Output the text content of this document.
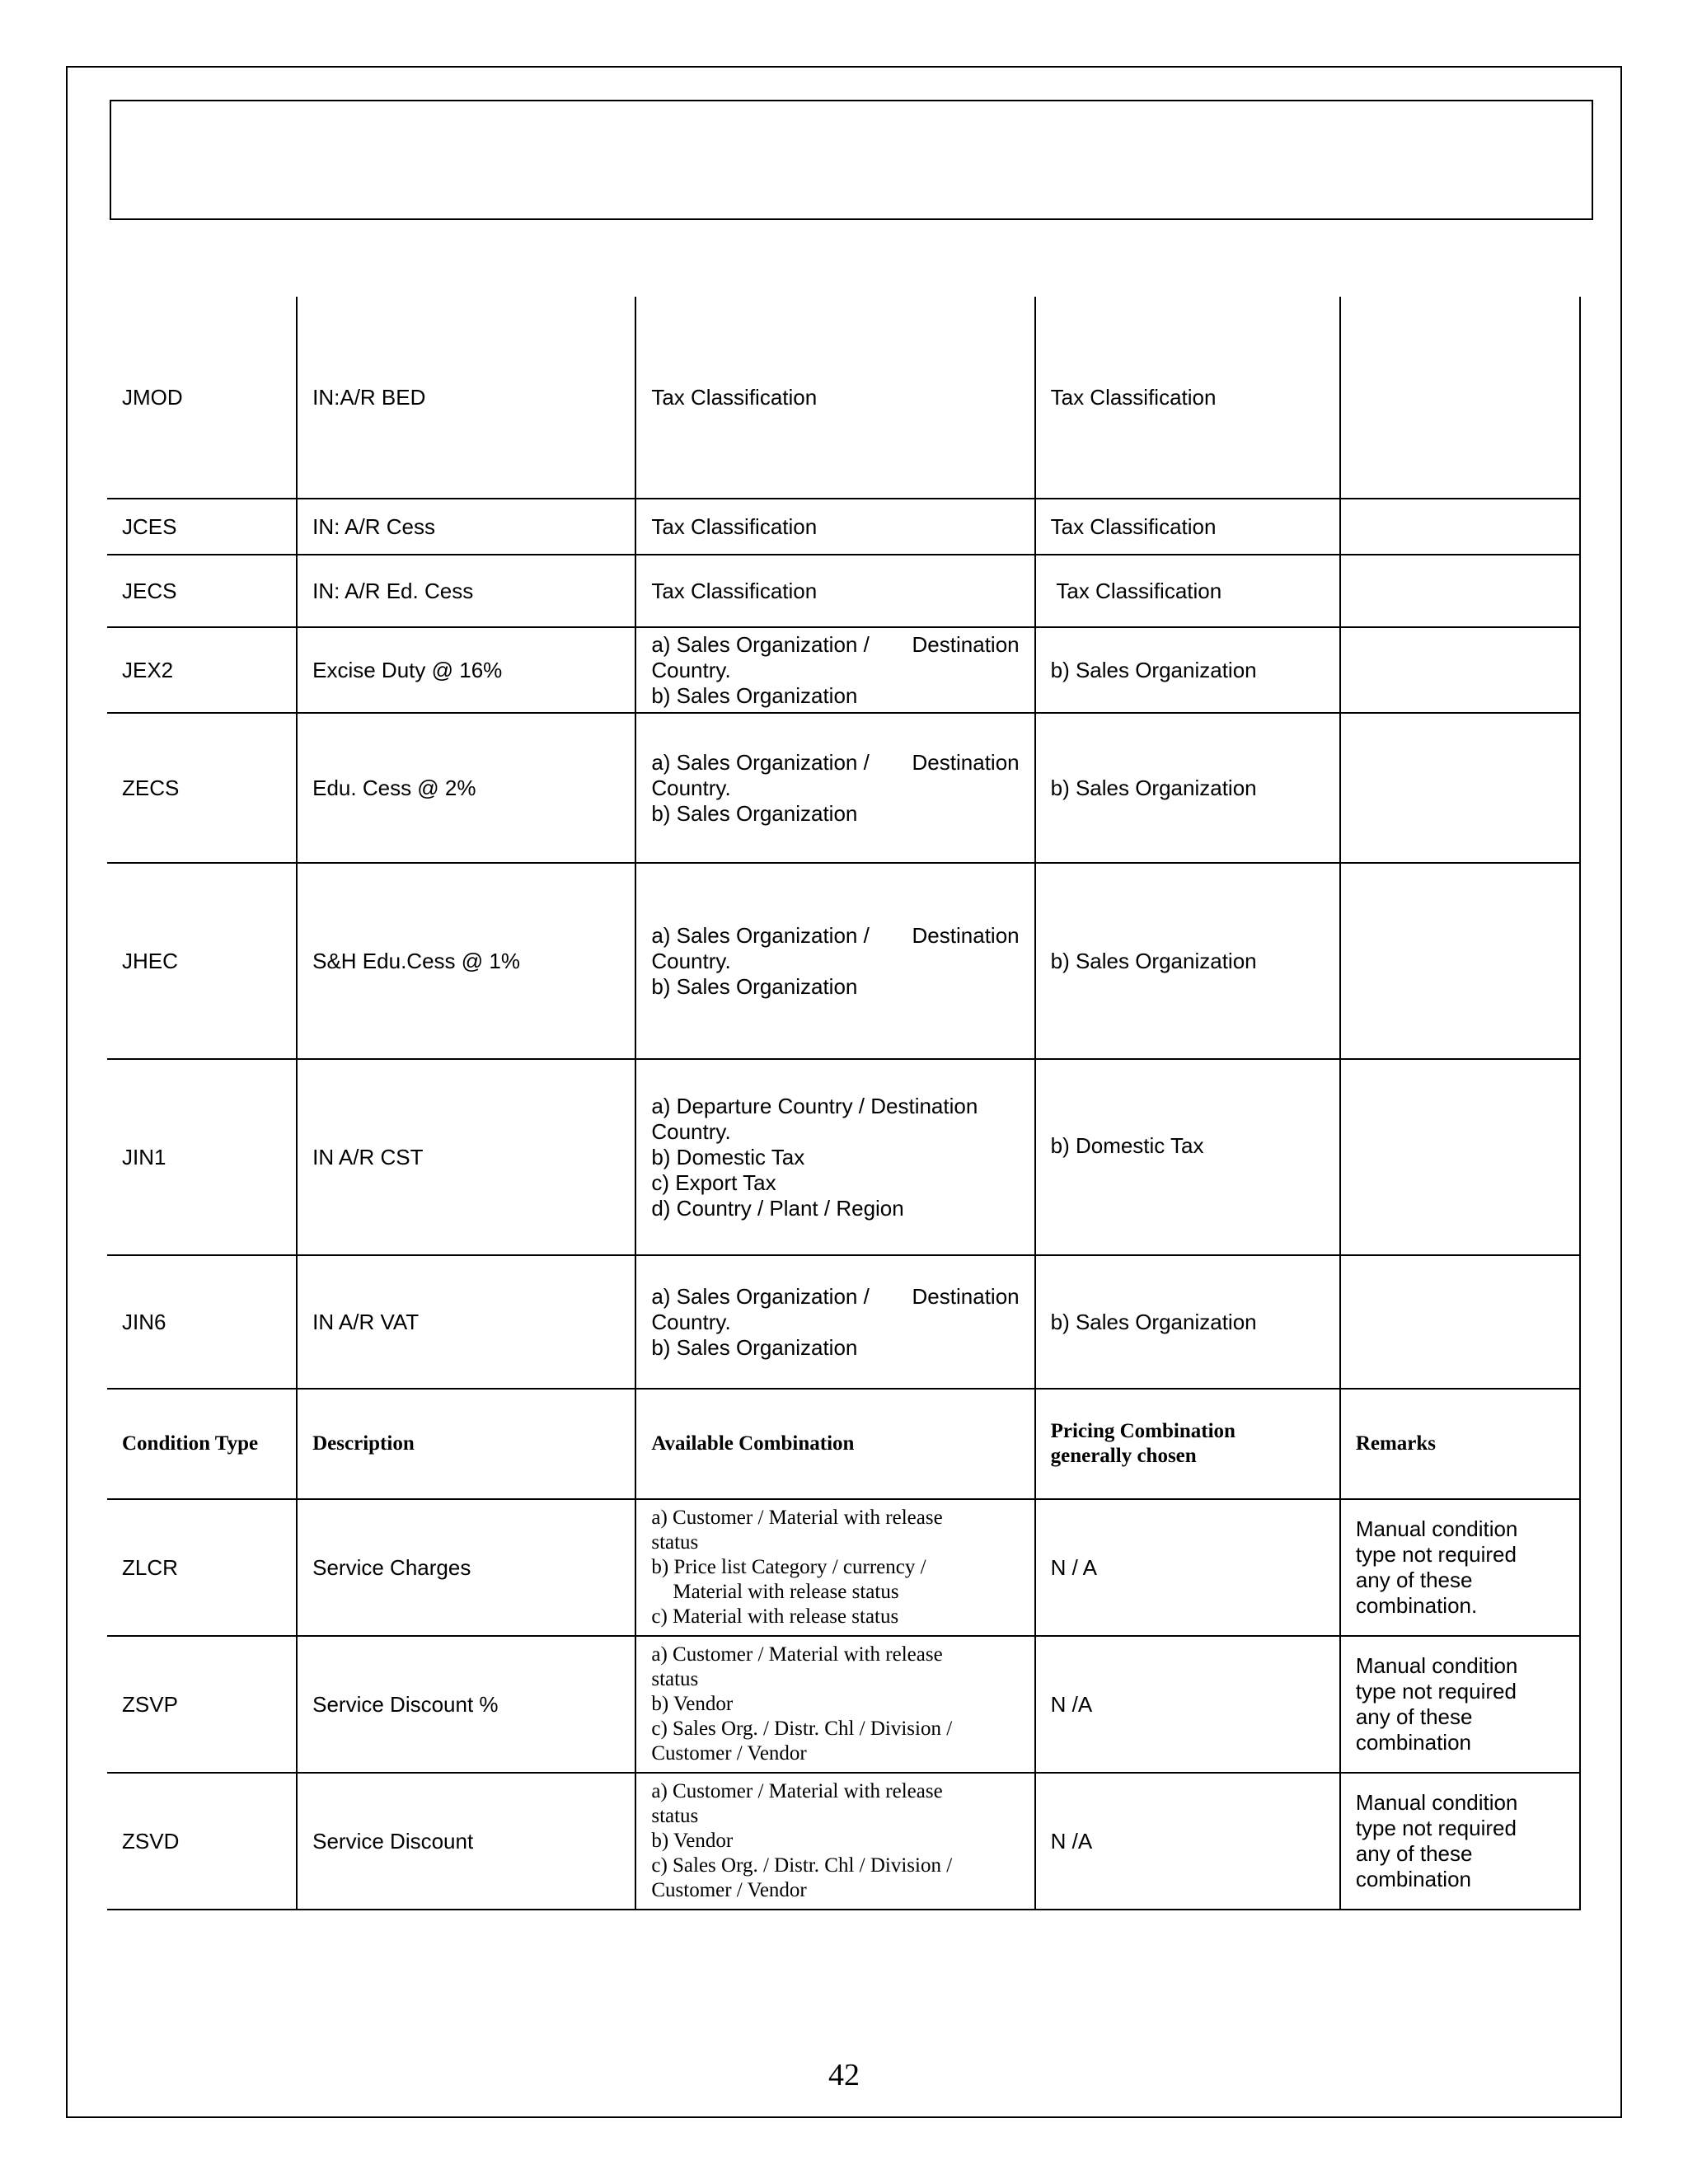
JMOD	IN:A/R BED	Tax Classification	Tax Classification	
JCES	IN: A/R Cess	Tax Classification	Tax Classification	
JECS	IN: A/R Ed. Cess	Tax Classification	Tax Classification	
JEX2	Excise Duty @ 16%	a) Sales Organization / Destination
Country.
b) Sales Organization	b) Sales Organization	
ZECS	Edu. Cess @ 2%	a) Sales Organization / Destination
Country.
b) Sales Organization	b) Sales Organization	
JHEC	S&H Edu.Cess @ 1%	a) Sales Organization / Destination
Country.
b) Sales Organization	b) Sales Organization	
JIN1	IN A/R CST	a) Departure Country / Destination
Country.
b) Domestic Tax
c) Export Tax
d) Country / Plant / Region	b) Domestic Tax	
JIN6	IN A/R VAT	a) Sales Organization / Destination
Country.
b) Sales Organization	b) Sales Organization	
Condition Type	Description	Available Combination	Pricing Combination
generally chosen	Remarks
ZLCR	Service Charges	a) Customer / Material with release
status
b) Price list Category / currency /
Material with release status
c) Material with release status	N / A	Manual condition
type not required
any of these
combination.

ZSVP	Service Discount %	a) Customer / Material with release
status
b) Vendor
c) Sales Org. / Distr. Chl / Division /
Customer / Vendor	N /A	Manual condition
type not required
any of these
combination

ZSVD	Service Discount	a) Customer / Material with release
status
b) Vendor
c) Sales Org. / Distr. Chl / Division /
Customer / Vendor	N /A	Manual condition
type not required
any of these
combination
42
